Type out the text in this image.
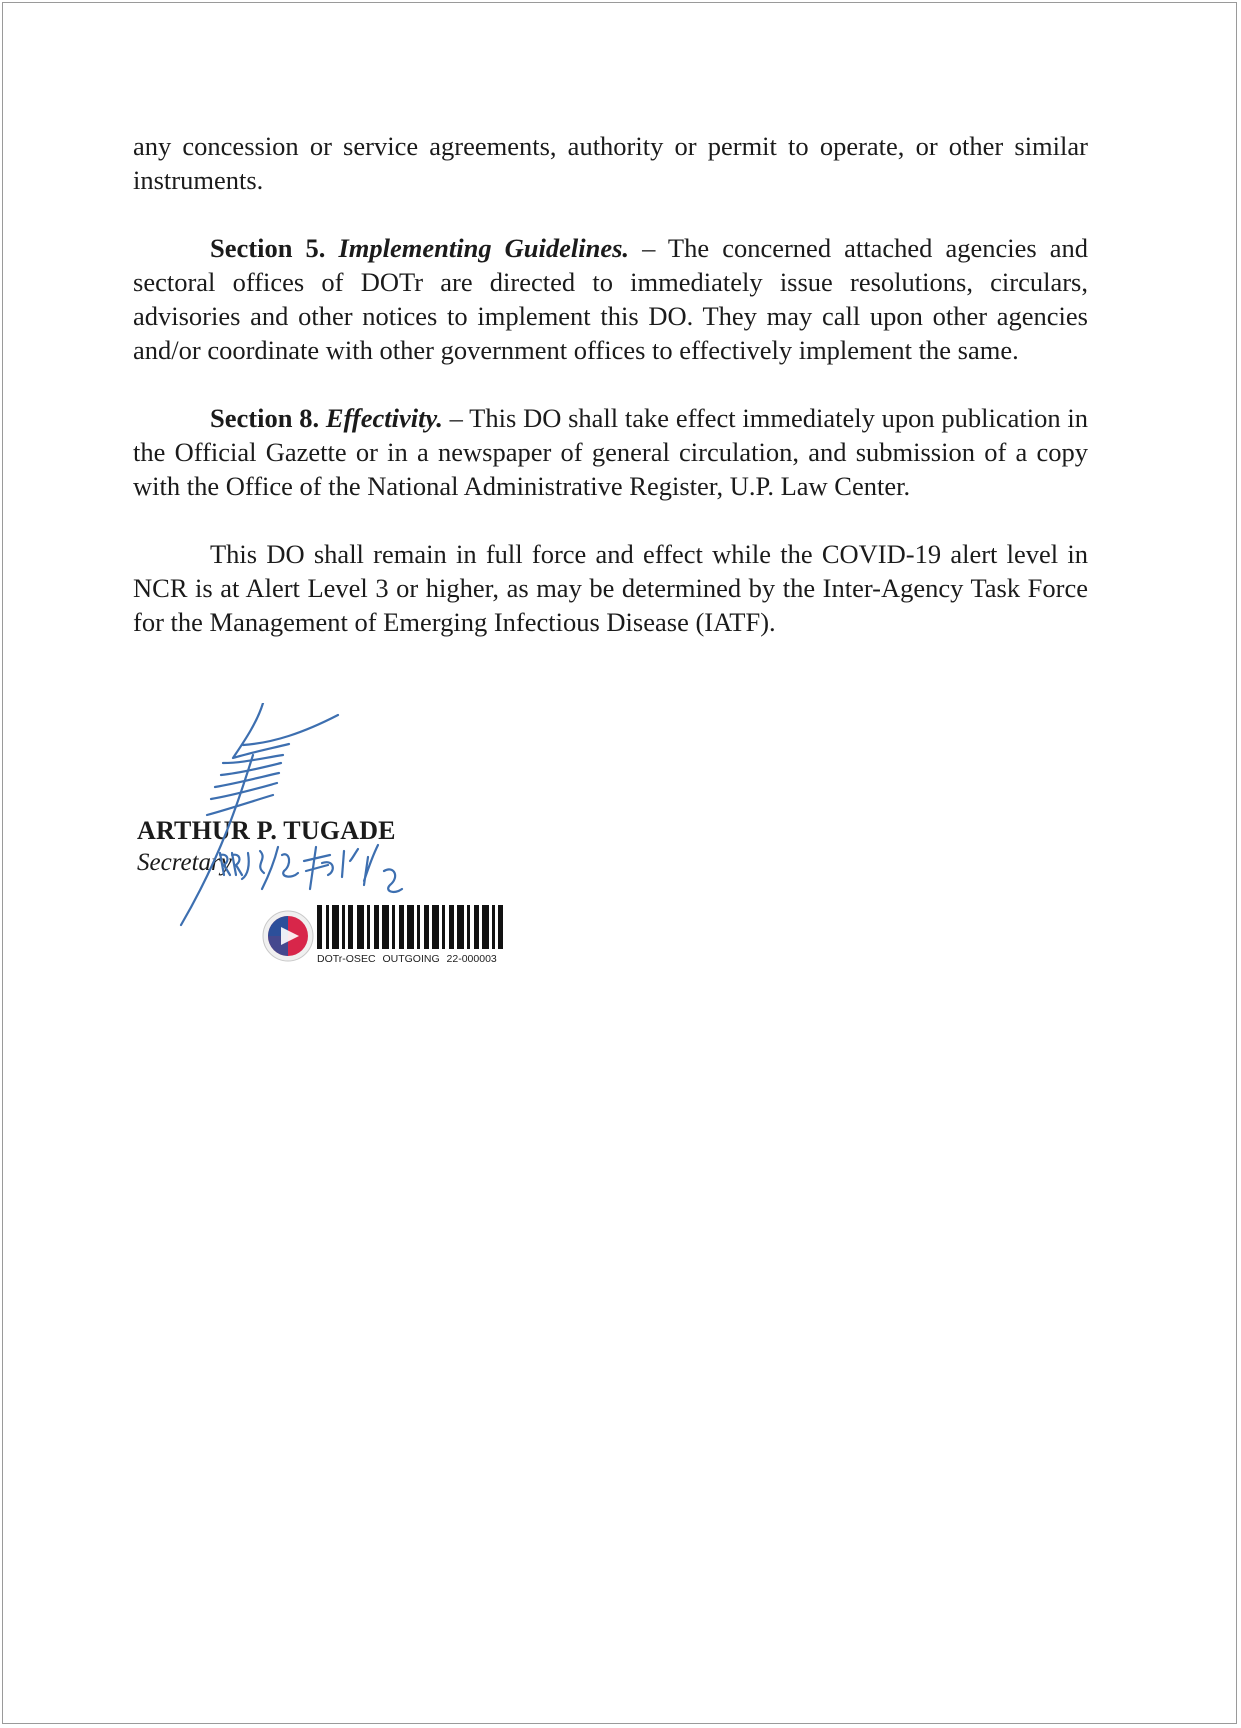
any concession or service agreements, authority or permit to operate, or other similar instruments.

Section 5. Implementing Guidelines. – The concerned attached agencies and sectoral offices of DOTr are directed to immediately issue resolutions, circulars, advisories and other notices to implement this DO. They may call upon other agencies and/or coordinate with other government offices to effectively implement the same.

Section 8. Effectivity. – This DO shall take effect immediately upon publication in the Official Gazette or in a newspaper of general circulation, and submission of a copy with the Office of the National Administrative Register, U.P. Law Center.

This DO shall remain in full force and effect while the COVID-19 alert level in NCR is at Alert Level 3 or higher, as may be determined by the Inter-Agency Task Force for the Management of Emerging Infectious Disease (IATF).

ARTHUR P. TUGADE
Secretary
DOTr-OSEC OUTGOING 22-000003
